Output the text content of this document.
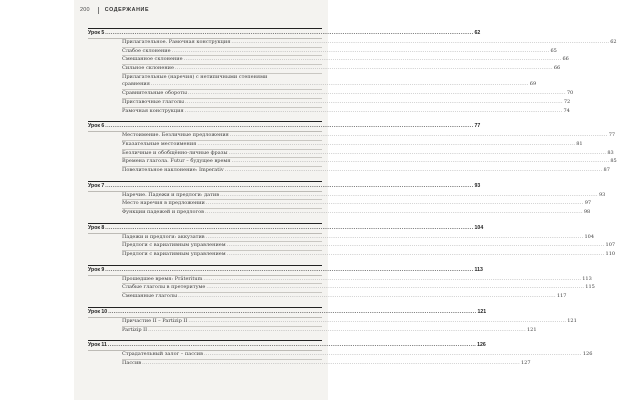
200	СОДЕРЖАНИЕ
Урок 5 ........................................................................................................................................................................................................ 62
Прилагательное. Рамочная конструкция ........................................................................................................................................................................................................ 62
Слабое склонение ........................................................................................................................................................................................................ 65
Смешанное склонение ........................................................................................................................................................................................................ 66
Сильное склонение ........................................................................................................................................................................................................ 66
Прилагательные (наречия) с нетипичными степенями
сравнения ........................................................................................................................................................................................................ 69
Сравнительные обороты ........................................................................................................................................................................................................ 70
Приставочные глаголы ........................................................................................................................................................................................................ 72
Рамочная конструкция ........................................................................................................................................................................................................ 74
Урок 6 ........................................................................................................................................................................................................ 77
Местоимение. Безличные предложения ........................................................................................................................................................................................................ 77
Указательные местоимения ........................................................................................................................................................................................................ 81
Безличные и обобщённо-личные фразы ........................................................................................................................................................................................................ 83
Времена глагола. Futur – будущее время ........................................................................................................................................................................................................ 85
Повелительное наклонение: Imperativ ........................................................................................................................................................................................................ 87
Урок 7 ........................................................................................................................................................................................................ 93
Наречие. Падежи и предлоги: датив ........................................................................................................................................................................................................ 93
Место наречия в предложении ........................................................................................................................................................................................................ 97
Функции падежей и предлогов ........................................................................................................................................................................................................ 98
Урок 8 ........................................................................................................................................................................................................ 104
Падежи и предлоги: аккузатив ........................................................................................................................................................................................................ 104
Предлоги с вариативным управлением ........................................................................................................................................................................................................ 107
Предлоги с вариативным управлением ........................................................................................................................................................................................................ 110
Урок 9 ........................................................................................................................................................................................................ 113
Прошедшее время: Präteritum ........................................................................................................................................................................................................ 113
Слабые глаголы в претеритуме ........................................................................................................................................................................................................ 115
Смешанные глаголы ........................................................................................................................................................................................................ 117
Урок 10 ........................................................................................................................................................................................................ 121
Причастие II – Partizip II ........................................................................................................................................................................................................ 121
Partizip II ........................................................................................................................................................................................................ 121
Урок 11 ........................................................................................................................................................................................................ 126
Страдательный залог – пассив ........................................................................................................................................................................................................ 126
Пассив ........................................................................................................................................................................................................ 127
